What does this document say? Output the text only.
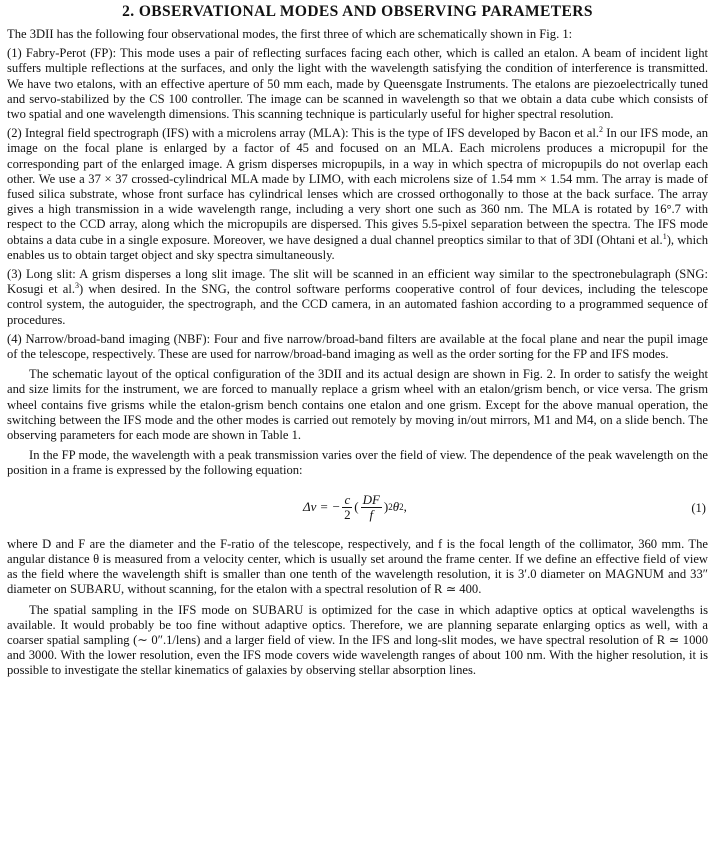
2. OBSERVATIONAL MODES AND OBSERVING PARAMETERS

The 3DII has the following four observational modes, the first three of which are schematically shown in Fig. 1:

(1) Fabry-Perot (FP): This mode uses a pair of reflecting surfaces facing each other, which is called an etalon. A beam of incident light suffers multiple reflections at the surfaces, and only the light with the wavelength satisfying the condition of interference is transmitted. We have two etalons, with an effective aperture of 50 mm each, made by Queensgate Instruments. The etalons are piezoelectrically tuned and servo-stabilized by the CS 100 controller. The image can be scanned in wavelength so that we obtain a data cube which consists of two spatial and one wavelength dimensions. This scanning technique is particularly useful for higher spectral resolution.

(2) Integral field spectrograph (IFS) with a microlens array (MLA): This is the type of IFS developed by Bacon et al.$^2$ In our IFS mode, an image on the focal plane is enlarged by a factor of 45 and focused on an MLA. Each microlens produces a micropupil for the corresponding part of the enlarged image. A grism disperses micropupils, in a way in which spectra of micropupils do not overlap each other. We use a 37 × 37 crossed-cylindrical MLA made by LIMO, with each microlens size of 1.54 mm × 1.54 mm. The array is made of fused silica substrate, whose front surface has cylindrical lenses which are crossed orthogonally to those at the back surface. The array gives a high transmission in a wide wavelength range, including a very short one such as 360 nm. The MLA is rotated by 16°.7 with respect to the CCD array, along which the micropupils are dispersed. This gives 5.5-pixel separation between the spectra. The IFS mode obtains a data cube in a single exposure. Moreover, we have designed a dual channel preoptics similar to that of 3DI (Ohtani et al.$^1$), which enables us to obtain target object and sky spectra simultaneously.

(3) Long slit: A grism disperses a long slit image. The slit will be scanned in an efficient way similar to the spectronebulagraph (SNG: Kosugi et al.$^3$) when desired. In the SNG, the control software performs cooperative control of four devices, including the telescope control system, the autoguider, the spectrograph, and the CCD camera, in an automated fashion according to a programmed sequence of procedures.

(4) Narrow/broad-band imaging (NBF): Four and five narrow/broad-band filters are available at the focal plane and near the pupil image of the telescope, respectively. These are used for narrow/broad-band imaging as well as the order sorting for the FP and IFS modes.

The schematic layout of the optical configuration of the 3DII and its actual design are shown in Fig. 2. In order to satisfy the weight and size limits for the instrument, we are forced to manually replace a grism wheel with an etalon/grism bench, or vice versa. The grism wheel contains five grisms while the etalon-grism bench contains one etalon and one grism. Except for the above manual operation, the switching between the IFS mode and the other modes is carried out remotely by moving in/out mirrors, M1 and M4, on a slide bench. The observing parameters for each mode are shown in Table 1.

In the FP mode, the wavelength with a peak transmission varies over the field of view. The dependence of the peak wavelength on the position in a frame is expressed by the following equation:

Δv = − $\frac{c}{2}$ ( $\frac{DF}{f}$ ) 2 θ 2 ,	(1)

where D and F are the diameter and the F-ratio of the telescope, respectively, and f is the focal length of the collimator, 360 mm. The angular distance θ is measured from a velocity center, which is usually set around the frame center. If we define an effective field of view as the field where the wavelength shift is smaller than one tenth of the wavelength resolution, it is 3′.0 diameter on MAGNUM and 33″ diameter on SUBARU, without scanning, for the etalon with a spectral resolution of R ≃ 400.

The spatial sampling in the IFS mode on SUBARU is optimized for the case in which adaptive optics at optical wavelengths is available. It would probably be too fine without adaptive optics. Therefore, we are planning separate enlarging optics as well, with a coarser spatial sampling (∼ 0″.1/lens) and a larger field of view. In the IFS and long-slit modes, we have spectral resolution of R ≃ 1000 and 3000. With the lower resolution, even the IFS mode covers wide wavelength ranges of about 100 nm. With the higher resolution, it is possible to investigate the stellar kinematics of galaxies by observing stellar absorption lines.
